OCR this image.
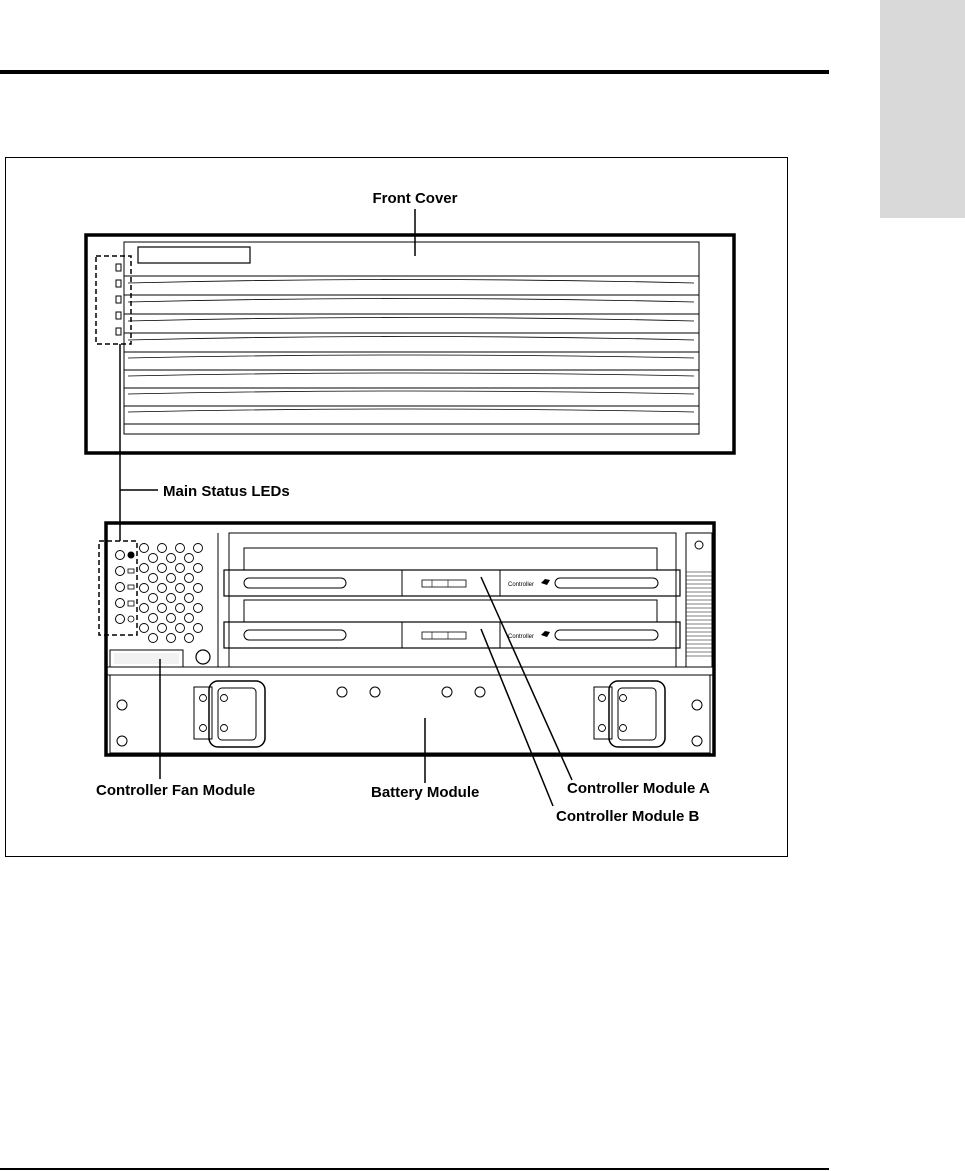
Controller
Controller
Front Cover
Main Status LEDs
Controller Fan Module	Battery Module	Controller Module A
Controller Module B
